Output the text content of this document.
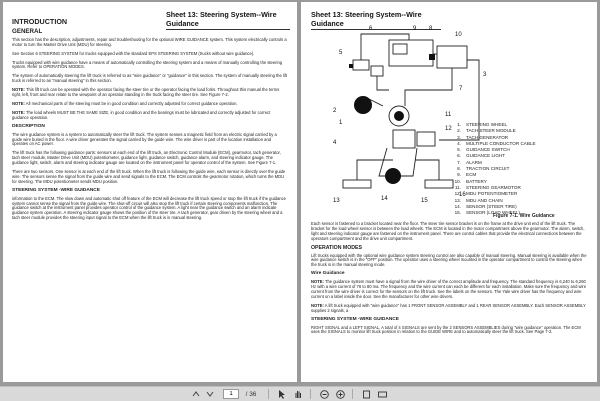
Sheet 13: Steering System--Wire Guidance
INTRODUCTION
GENERAL

This section has the description, adjustments, repair and troubleshooting for the optional WIRE GUIDANCE system. This system electrically controls a motor to turn the Master Drive Unit (MDU) for steering.

See Section 6 STEERING SYSTEM for trucks equipped with the standard EPS STEERING SYSTEM (trucks without wire guidance).

Trucks equipped with wire guidance have a means of automatically controlling the steering system and a means of manually controlling the steering system. Refer to OPERATION MODES.

The system of automatically steering the lift truck is referred to as "wire guidance" or "guidance" in this section. The system of manually steering the lift truck is referred to as "manual steering" in this section.

NOTE: This lift truck can be operated with the operator facing the steer tire or the operator facing the load forks. Throughout this manual the terms right, left, front and rear relate to the viewpoint of an operator standing in the truck facing the steer tire. See Figure 7-2.

NOTE: All mechanical parts of the steering must be in good condition and correctly adjusted for correct guidance operation.

NOTE: The load wheels MUST BE THE SAME SIZE, in good condition and the bearings must be lubricated and correctly adjusted for correct guidance operation.

DESCRIPTION

The wire guidance system is a system to automatically steer the lift truck. The system senses a magnetic field from an electric signal carried by a guide wire buried in the floor. A wire driver generates the signal carried by the guide wire. The wire driver is part of the location installation and operates on AC power.

The lift truck has the following guidance parts: sensors at each end of the lift truck, an Electronic Control Module (ECM), gearmotor, tach generator, tach steer module, Master Drive Unit (MDU) potentiometer, guidance light, guidance switch, guidance alarm, and steering indicator gauge. The guidance light, switch, alarm and steering indicator gauge are located on the instrument panel for operator control of the system. See Figure 7-1.

There are two sensors. One sensor is at each end of the lift truck. When the lift truck is following the guide wire, each sensor is directly over the guide wire. The sensors sense the signal from the guide wire and send signals to the ECM. The ECM controls the gearmotor rotation, which turns the MDU for steering. The MDU potentiometer sends MDU position.

STEERING SYSTEM -WIRE GUIDANCE

information to the ECM. The slow down and automatic shut off feature of the ECM will decrease the lift truck speed or stop the lift truck if the guidance system cannot sense the signal from the guide wire. The shut-off circuit will also stop the lift truck if certain steering components malfunction. The guidance switch at the instrument panel provides operator control of the guidance system. A light near the guidance switch and an alarm indicate guidance system operation. A steering indicator gauge shows the position of the steer tire. A tach generator, gear driven by the steering wheel and a tach steer module provides the steering input signal to the ECM when the lift truck is in manual steering.

Sheet 13: Steering System--Wire Guidance
6	9 8
10
5
3
7
11
12
2
1
4
13	14	15
16
1. STEERING WHEEL
2. TACH STEER MODULE
3. TACH GENERATOR
4. MULTIPLE CONDUCTOR CABLE
5. GUIDANCE SWITCH
6. GUIDANCE LIGHT
7. ALARM
8. TRACTION CIRCUIT
9. ECM
10. BATTERY
11. STEERING GEARMOTOR
12. MDU POTENTIOMETER
13. MDU AND CHAIN
14. SENSOR (STEER TIRE)
15. SENSOR (LOAD WHEEL)
Figure 7-1. Wire Guidance

Each sensor is fastened to a bracket located near the floor. The steer tire sensor bracket is on the frame at the drive unit end of the lift truck. The bracket for the load wheel sensor is between the load wheels. The ECM is located in the motor compartment above the gearmotor. The alarm, switch, light and steering indicator gauge are fastened on the instrument panel. There are control cables that provide the electrical connections between the operators compartment and the drive unit compartment.

OPERATION MODES

Lift trucks equipped with the optional wire guidance system steering control are also capable of manual steering. Manual steering is available when the wire guidance switch is in the "OFF" position. The operator uses a steering wheel mounted in the operator compartment to control the steering when the truck is in the manual steering mode.

Wire Guidance

NOTE: The guidance system must have a signal from the wire driver of the correct amplitude and frequency. The standard frequency is 6,240 to 6,260 Hz with a wire current of 76 to 80 ma. The frequency and the wire current can each be different for each installation. Make sure the frequency and wire current from the wire driver is correct for the sensors on the lift truck. See the labels on the sensors. The Yale wire driver has the frequency and wire current on a label inside the door. See the manufacturer for other wire drivers.

NOTE: A lift truck equipped with "wire guidance" has 1 FRONT SENSOR ASSEMBLY and 1 REAR SENSOR ASSEMBLY. Each SENSOR ASSEMBLY supplies 2 signals, a

STEERING SYSTEM -WIRE GUIDANCE

RIGHT SIGNAL and a LEFT SIGNAL. A total of 4 SIGNALS are sent by the 2 SENSORS ASSEMBLIES during "wire guidance" operation. The ECM uses the SIGNALS to monitor lift truck position in relation to the GUIDE WIRE and to automatically steer the lift truck. See Page 7-2.

1
/ 36
